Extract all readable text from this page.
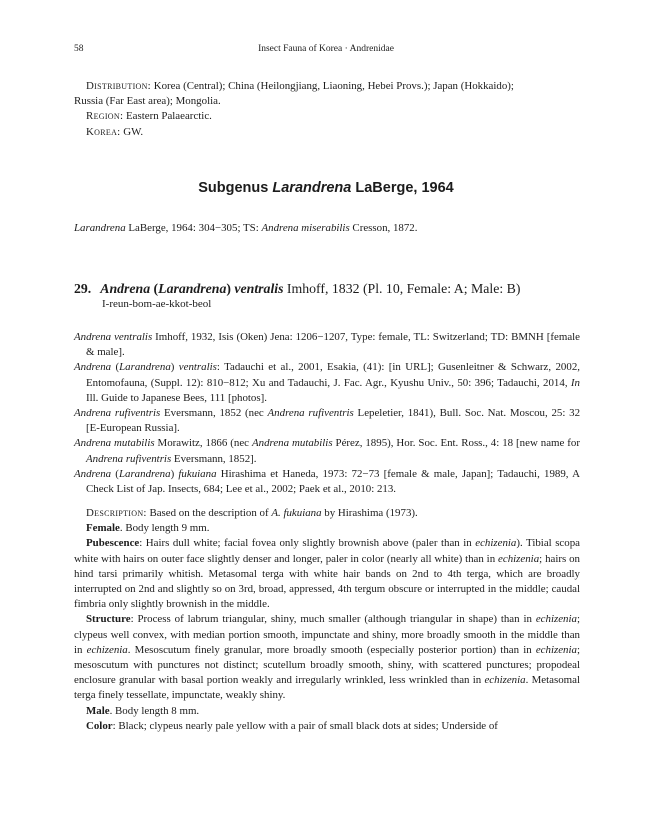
58	Insect Fauna of Korea · Andrenidae
Distribution: Korea (Central); China (Heilongjiang, Liaoning, Hebei Provs.); Japan (Hokkaido);
Russia (Far East area); Mongolia.
Region: Eastern Palaearctic.
Korea: GW.
Subgenus Larandrena LaBerge, 1964
Larandrena LaBerge, 1964: 304−305; TS: Andrena miserabilis Cresson, 1872.
29. Andrena (Larandrena) ventralis Imhoff, 1832 (Pl. 10, Female: A; Male: B)
I-reun-bom-ae-kkot-beol

Andrena ventralis Imhoff, 1932, Isis (Oken) Jena: 1206−1207, Type: female, TL: Switzerland; TD: BMNH [female & male].

Andrena (Larandrena) ventralis: Tadauchi et al., 2001, Esakia, (41): [in URL]; Gusenleitner & Schwarz, 2002, Entomofauna, (Suppl. 12): 810−812; Xu and Tadauchi, J. Fac. Agr., Kyushu Univ., 50: 396; Tadauchi, 2014, In Ill. Guide to Japanese Bees, 111 [photos].

Andrena rufiventris Eversmann, 1852 (nec Andrena rufiventris Lepeletier, 1841), Bull. Soc. Nat. Moscou, 25: 32 [E-European Russia].

Andrena mutabilis Morawitz, 1866 (nec Andrena mutabilis Pérez, 1895), Hor. Soc. Ent. Ross., 4: 18 [new name for Andrena rufiventris Eversmann, 1852].

Andrena (Larandrena) fukuiana Hirashima et Haneda, 1973: 72−73 [female & male, Japan]; Tadauchi, 1989, A Check List of Jap. Insects, 684; Lee et al., 2002; Paek et al., 2010: 213.

Description: Based on the description of A. fukuiana by Hirashima (1973).

Female. Body length 9 mm.

Pubescence: Hairs dull white; facial fovea only slightly brownish above (paler than in echizenia). Tibial scopa white with hairs on outer face slightly denser and longer, paler in color (nearly all white) than in echizenia; hairs on hind tarsi primarily whitish. Metasomal terga with white hair bands on 2nd to 4th terga, which are broadly interrupted on 2nd and slightly so on 3rd, broad, appressed, 4th tergum obscure or interrupted in the middle; caudal fimbria only slightly brownish in the middle.

Structure: Process of labrum triangular, shiny, much smaller (although triangular in shape) than in echizenia; clypeus well convex, with median portion smooth, impunctate and shiny, more broadly smooth in the middle than in echizenia. Mesoscutum finely granular, more broadly smooth (especially posterior portion) than in echizenia; mesoscutum with punctures not distinct; scutellum broadly smooth, shiny, with scattered punctures; propodeal enclosure granular with basal portion weakly and irregularly wrinkled, less wrinkled than in echizenia. Metasomal terga finely tessellate, impunctate, weakly shiny.

Male. Body length 8 mm.

Color: Black; clypeus nearly pale yellow with a pair of small black dots at sides; Underside of
